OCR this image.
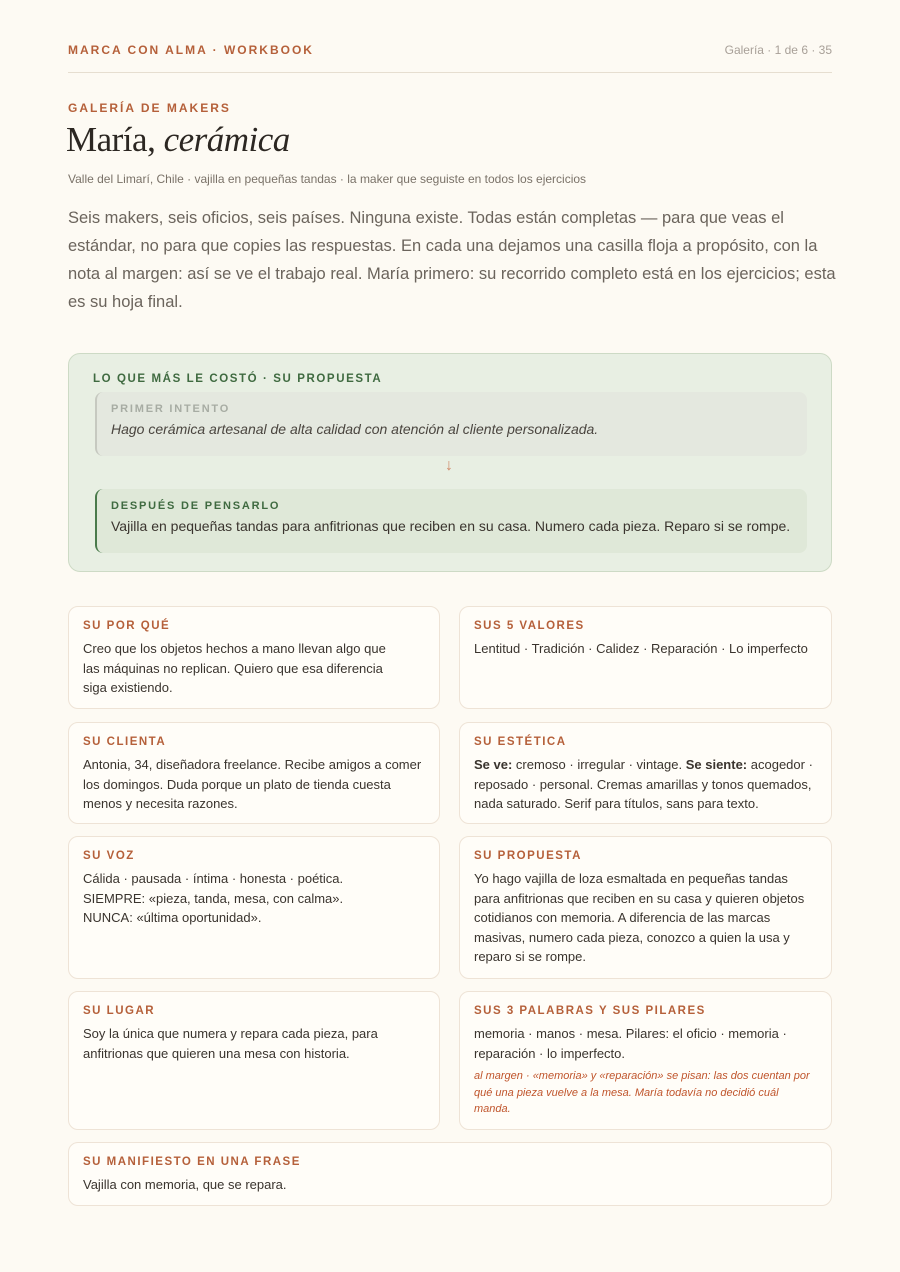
MARCA CON ALMA · WORKBOOK	Galería · 1 de 6 · 35
GALERÍA DE MAKERS
María, cerámica
Valle del Limarí, Chile · vajilla en pequeñas tandas · la maker que seguiste en todos los ejercicios
Seis makers, seis oficios, seis países. Ninguna existe. Todas están completas — para que veas el estándar, no para que copies las respuestas. En cada una dejamos una casilla floja a propósito, con la nota al margen: así se ve el trabajo real. María primero: su recorrido completo está en los ejercicios; esta es su hoja final.
LO QUE MÁS LE COSTÓ · SU PROPUESTA
PRIMER INTENTO
Hago cerámica artesanal de alta calidad con atención al cliente personalizada.
↓
DESPUÉS DE PENSARLO
Vajilla en pequeñas tandas para anfitrionas que reciben en su casa. Numero cada pieza. Reparo si se rompe.
SU POR QUÉ
Creo que los objetos hechos a mano llevan algo que las máquinas no replican. Quiero que esa diferencia siga existiendo.
SUS 5 VALORES
Lentitud · Tradición · Calidez · Reparación · Lo imperfecto
SU CLIENTA
Antonia, 34, diseñadora freelance. Recibe amigos a comer los domingos. Duda porque un plato de tienda cuesta menos y necesita razones.
SU ESTÉTICA
Se ve: cremoso · irregular · vintage. Se siente: acogedor · reposado · personal. Cremas amarillas y tonos quemados, nada saturado. Serif para títulos, sans para texto.
SU VOZ
Cálida · pausada · íntima · honesta · poética.
SIEMPRE: «pieza, tanda, mesa, con calma». NUNCA: «última oportunidad».
SU PROPUESTA
Yo hago vajilla de loza esmaltada en pequeñas tandas para anfitrionas que reciben en su casa y quieren objetos cotidianos con memoria. A diferencia de las marcas masivas, numero cada pieza, conozco a quien la usa y reparo si se rompe.
SU LUGAR
Soy la única que numera y repara cada pieza, para anfitrionas que quieren una mesa con historia.
SUS 3 PALABRAS Y SUS PILARES
memoria · manos · mesa. Pilares: el oficio · memoria · reparación · lo imperfecto.
al margen · «memoria» y «reparación» se pisan: las dos cuentan por qué una pieza vuelve a la mesa. María todavía no decidió cuál manda.
SU MANIFIESTO EN UNA FRASE
Vajilla con memoria, que se repara.
